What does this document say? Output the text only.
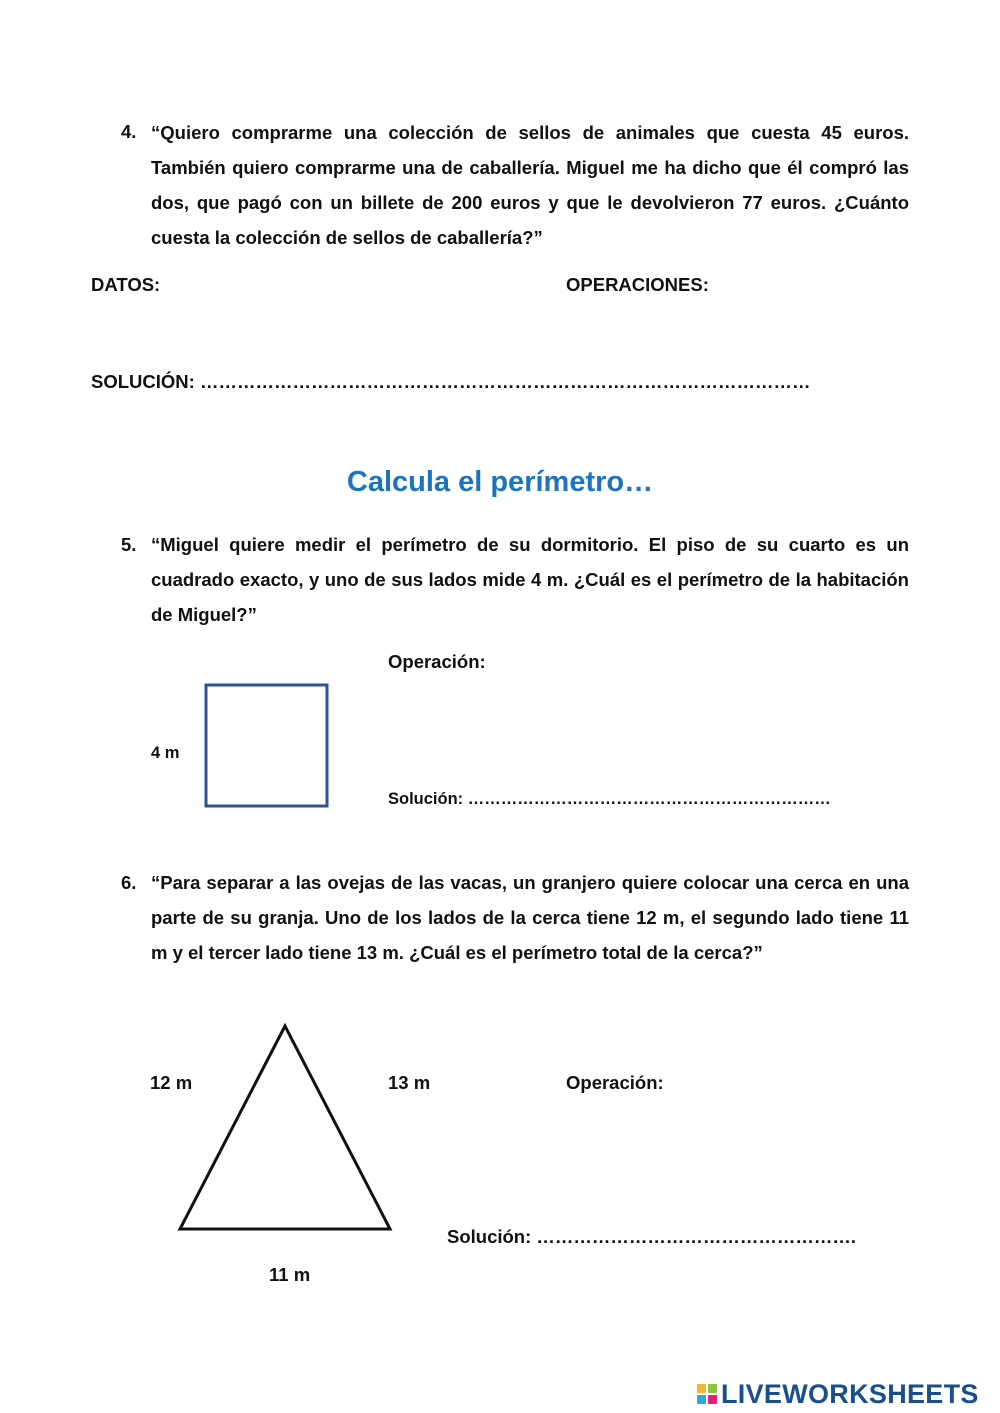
4. “Quiero comprarme una colección de sellos de animales que cuesta 45 euros. También quiero comprarme una de caballería. Miguel me ha dicho que él compró las dos, que pagó con un billete de 200 euros y que le devolvieron 77 euros. ¿Cuánto cuesta la colección de sellos de caballería?”
DATOS:	OPERACIONES:
SOLUCIÓN: ………………………………………………………………………………………
Calcula el perímetro…
5. “Miguel quiere medir el perímetro de su dormitorio. El piso de su cuarto es un cuadrado exacto, y uno de sus lados mide 4 m. ¿Cuál es el perímetro de la habitación de Miguel?”
Operación:
4 m
Solución: …………………………………………………………
6. “Para separar a las ovejas de las vacas, un granjero quiere colocar una cerca en una parte de su granja. Uno de los lados de la cerca tiene 12 m, el segundo lado tiene 11 m y el tercer lado tiene 13 m. ¿Cuál es el perímetro total de la cerca?”
12 m	13 m	Operación:
Solución: …………………………………………….
11 m
LIVEWORKSHEETS
